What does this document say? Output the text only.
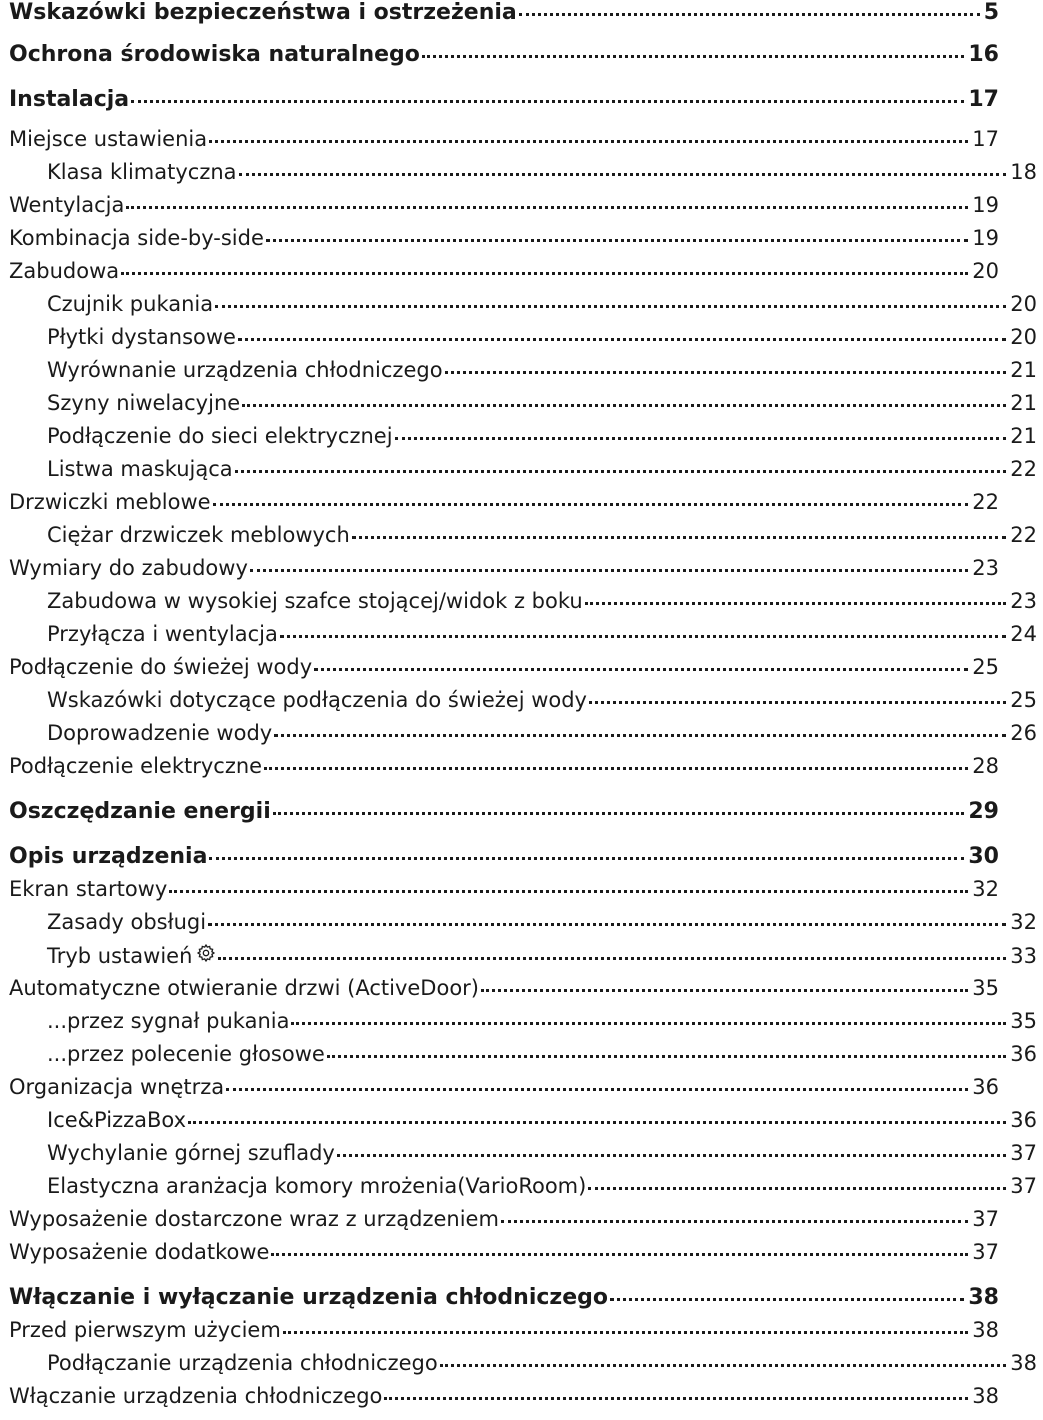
Wskazówki bezpieczeństwa i ostrzeżenia	5
Ochrona środowiska naturalnego	16
Instalacja	17
Miejsce ustawienia	17
Klasa klimatyczna	18
Wentylacja	19
Kombinacja side-by-side	19
Zabudowa	20
Czujnik pukania	20
Płytki dystansowe	20
Wyrównanie urządzenia chłodniczego	21
Szyny niwelacyjne	21
Podłączenie do sieci elektrycznej	21
Listwa maskująca	22
Drzwiczki meblowe	22
Ciężar drzwiczek meblowych	22
Wymiary do zabudowy	23
Zabudowa w wysokiej szafce stojącej/widok z boku	23
Przyłącza i wentylacja	24
Podłączenie do świeżej wody	25
Wskazówki dotyczące podłączenia do świeżej wody	25
Doprowadzenie wody	26
Podłączenie elektryczne	28
Oszczędzanie energii	29
Opis urządzenia	30
Ekran startowy	32
Zasady obsługi	32
Tryb ustawień	33
Automatyczne otwieranie drzwi (ActiveDoor)	35
...przez sygnał pukania	35
...przez polecenie głosowe	36
Organizacja wnętrza	36
Ice&PizzaBox	36
Wychylanie górnej szuflady	37
Elastyczna aranżacja komory mrożenia(VarioRoom)	37
Wyposażenie dostarczone wraz z urządzeniem	37
Wyposażenie dodatkowe	37
Włączanie i wyłączanie urządzenia chłodniczego	38
Przed pierwszym użyciem	38
Podłączanie urządzenia chłodniczego	38
Włączanie urządzenia chłodniczego	38
